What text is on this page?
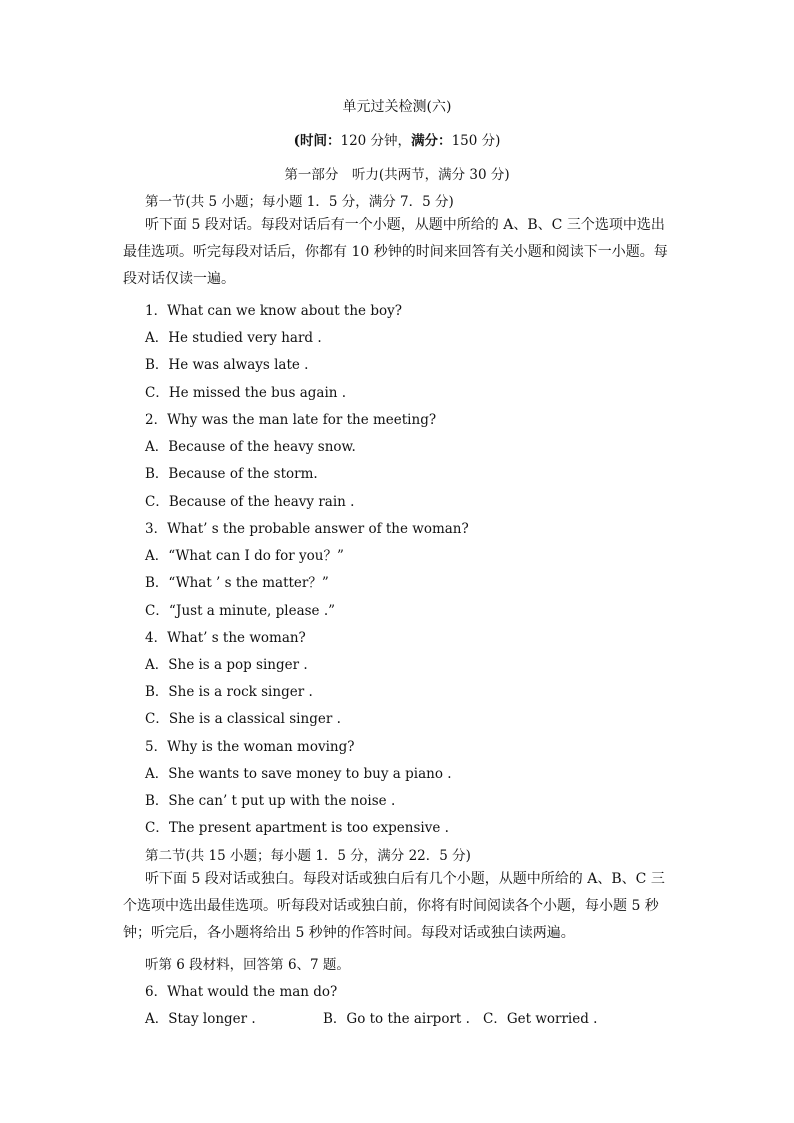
单元过关检测(六)
(时间：120 分钟，满分：150 分)
第一部分　听力(共两节，满分 30 分)
第一节(共 5 小题；每小题 1．5 分，满分 7．5 分)
听下面 5 段对话。每段对话后有一个小题，从题中所给的 A、B、C 三个选项中选出最佳选项。听完每段对话后，你都有 10 秒钟的时间来回答有关小题和阅读下一小题。每段对话仅读一遍。
1．What can we know about the boy?
A．He studied very hard .
B．He was always late .
C．He missed the bus again .
2．Why was the man late for the meeting?
A．Because of the heavy snow.
B．Because of the storm.
C．Because of the heavy rain .
3．What’ s the probable answer of the woman?
A．“What can I do for you？”
B．“What ’ s the matter？”
C．“Just a minute, please .”
4．What’ s the woman?
A．She is a pop singer .
B．She is a rock singer .
C．She is a classical singer .
5．Why is the woman moving?
A．She wants to save money to buy a piano .
B．She can’ t put up with the noise .
C．The present apartment is too expensive .
第二节(共 15 小题；每小题 1．5 分，满分 22．5 分)
听下面 5 段对话或独白。每段对话或独白后有几个小题，从题中所给的 A、B、C 三个选项中选出最佳选项。听每段对话或独白前，你将有时间阅读各个小题，每小题 5 秒钟；听完后，各小题将给出 5 秒钟的作答时间。每段对话或独白读两遍。
听第 6 段材料，回答第 6、7 题。
6．What would the man do?
A．Stay longer .	B．Go to the airport . C．Get worried .
